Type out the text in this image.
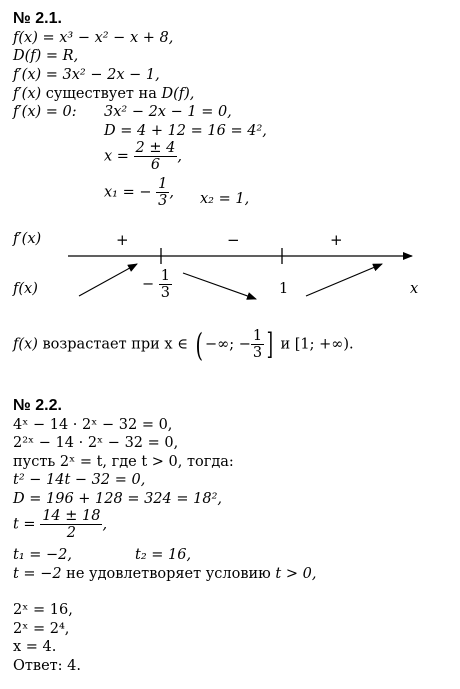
№ 2.1.
f(x) = x³ − x² − x + 8,
D(f) = R,
f′(x) = 3x² − 2x − 1,
f′(x) существует на D(f),
f′(x) = 0: 3x² − 2x − 1 = 0,
D = 4 + 12 = 16 = 4²,
$x = \frac{2 \pm 4}{6}$ ,
x₁ = − $\frac{1}{3}$ , x₂ = 1,
f′(x)
f(x)
+	−	+
− $\frac{1}{3}$	1	x
f(x) возрастает при x ∈ ( −∞; − $\frac{1}{3}$ ] и [1; +∞).
№ 2.2.
4ˣ − 14 · 2ˣ − 32 = 0,
2²ˣ − 14 · 2ˣ − 32 = 0,
пусть 2ˣ = t, где t > 0, тогда:
t² − 14t − 32 = 0,
D = 196 + 128 = 324 = 18²,
$t = \frac{14 \pm 18}{2}$ ,
t₁ = −2,	t₂ = 16,
t = −2 не удовлетворяет условию t > 0,
2ˣ = 16,
2ˣ = 2⁴,
x = 4.
Ответ: 4.
